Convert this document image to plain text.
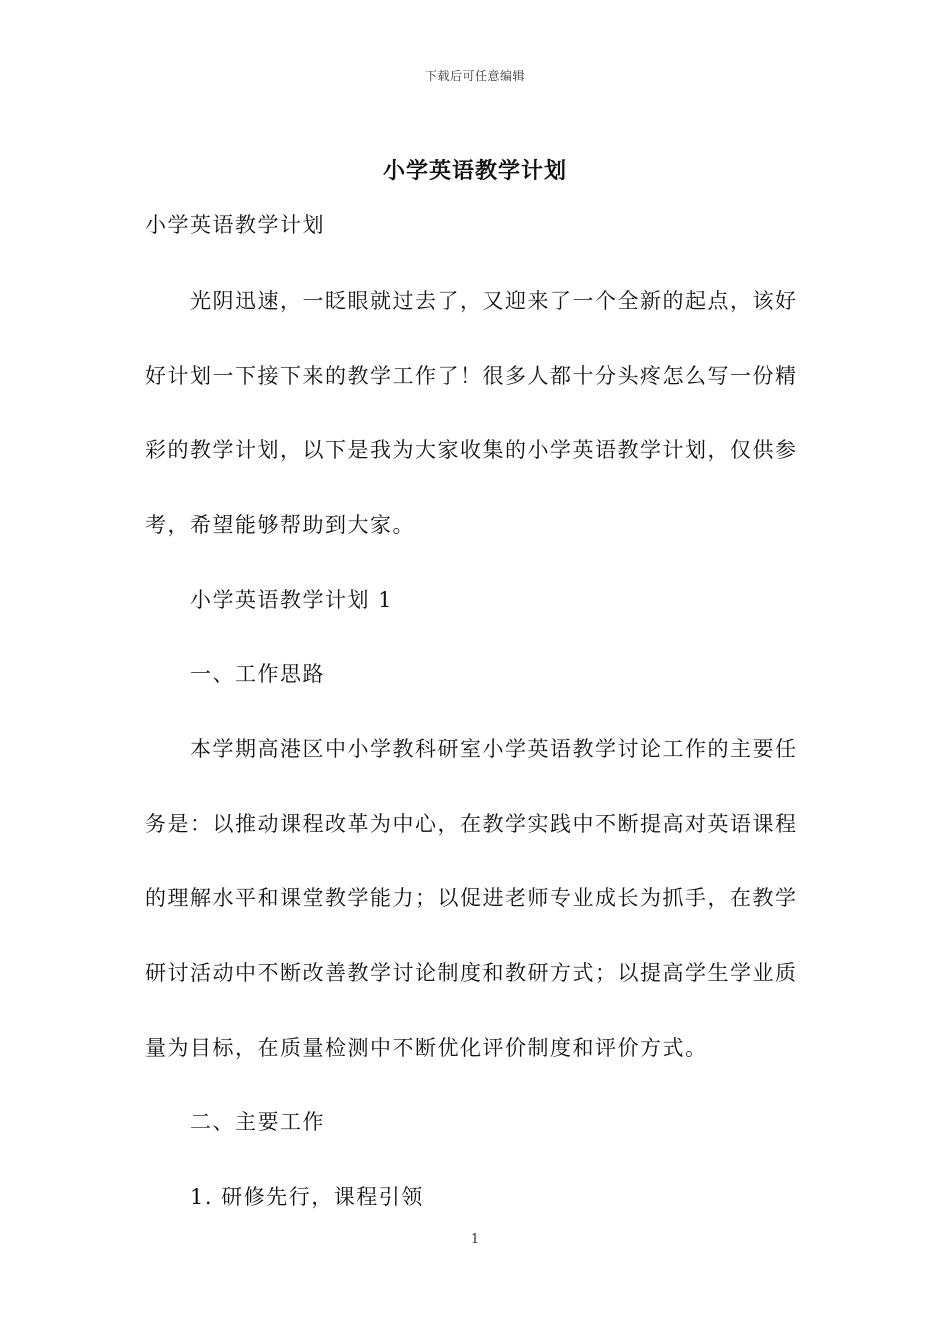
下载后可任意编辑
小学英语教学计划
小学英语教学计划
光阴迅速，一眨眼就过去了，又迎来了一个全新的起点，该好
好计划一下接下来的教学工作了！很多人都十分头疼怎么写一份精
彩的教学计划，以下是我为大家收集的小学英语教学计划，仅供参
考，希望能够帮助到大家。
小学英语教学计划 1
一、工作思路
本学期高港区中小学教科研室小学英语教学讨论工作的主要任
务是：以推动课程改革为中心，在教学实践中不断提高对英语课程
的理解水平和课堂教学能力；以促进老师专业成长为抓手，在教学
研讨活动中不断改善教学讨论制度和教研方式；以提高学生学业质
量为目标，在质量检测中不断优化评价制度和评价方式。
二、主要工作
1. 研修先行，课程引领
1
